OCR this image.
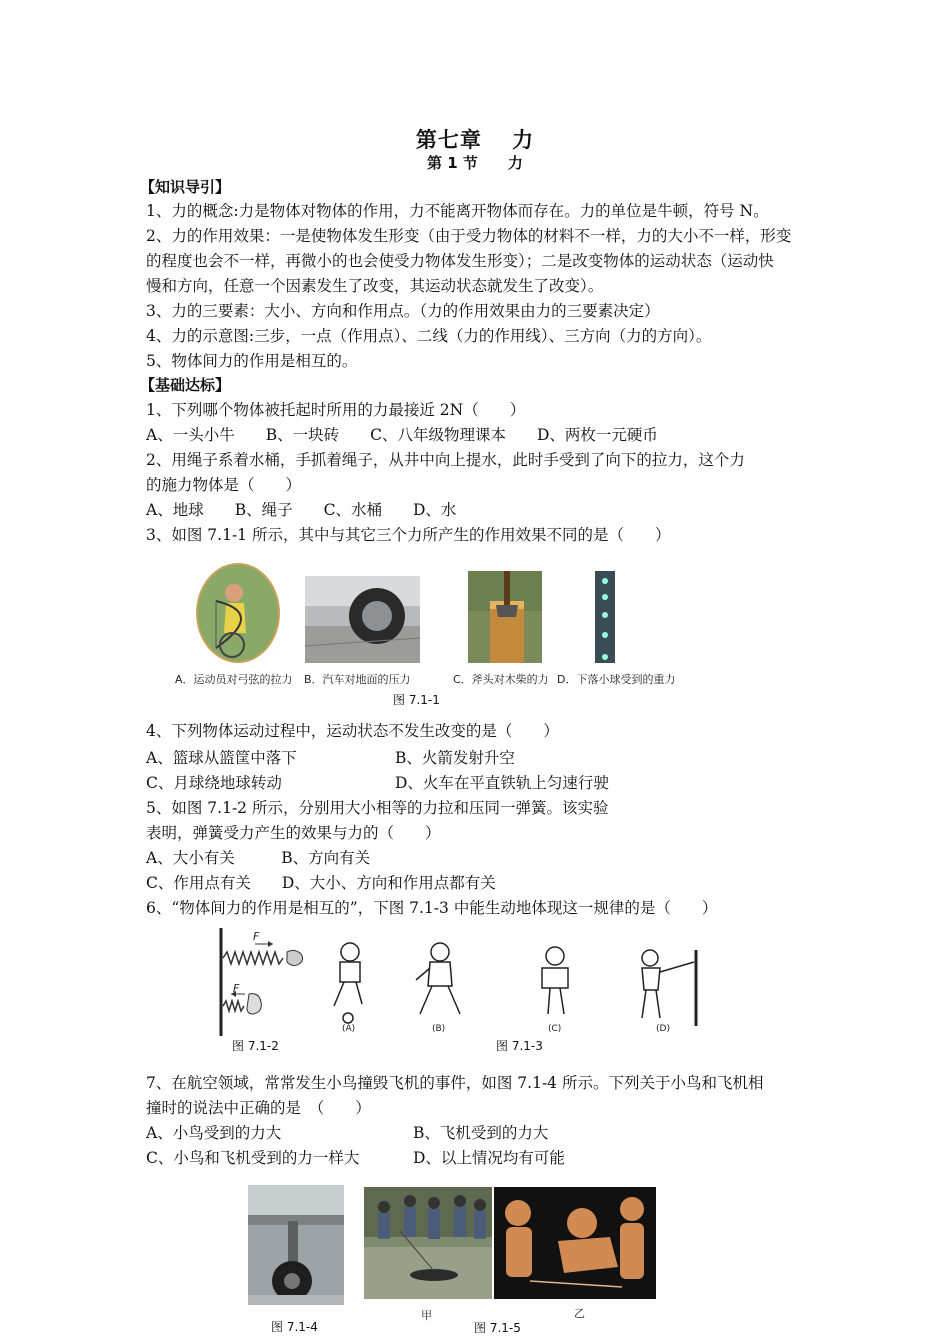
第七章　 力
第 1 节　　力
【知识导引】
1、力的概念:力是物体对物体的作用，力不能离开物体而存在。力的单位是牛顿，符号 N。
2、力的作用效果：一是使物体发生形变（由于受力物体的材料不一样，力的大小不一样，形变
的程度也会不一样，再微小的也会使受力物体发生形变）；二是改变物体的运动状态（运动快
慢和方向，任意一个因素发生了改变，其运动状态就发生了改变）。
3、力的三要素：大小、方向和作用点。（力的作用效果由力的三要素决定）
4、力的示意图:三步，一点（作用点）、二线（力的作用线）、三方向（力的方向）。
5、物体间力的作用是相互的。
【基础达标】
1、下列哪个物体被托起时所用的力最接近 2N（　　）
A、一头小牛　　B、一块砖　　C、八年级物理课本　　D、两枚一元硬币
2、用绳子系着水桶，手抓着绳子，从井中向上提水，此时手受到了向下的拉力，这个力
的施力物体是（　　）
A、地球　　B、绳子　　C、水桶　　D、水
3、如图 7.1-1 所示，其中与其它三个力所产生的作用效果不同的是（　　）
A．运动员对弓弦的拉力 B．汽车对地面的压力	C．斧头对木柴的力 D．下落小球受到的重力
图 7.1-1
4、下列物体运动过程中，运动状态不发生改变的是（　　）
A、篮球从篮筐中落下	B、火箭发射升空
C、月球绕地球转动	D、火车在平直铁轨上匀速行驶
5、如图 7.1-2 所示，分别用大小相等的力拉和压同一弹簧。该实验
表明，弹簧受力产生的效果与力的（　　）
A、大小有关　　　B、方向有关
C、作用点有关　　D、大小、方向和作用点都有关
6、“物体间力的作用是相互的”，下图 7.1-3 中能生动地体现这一规律的是（　　）
F
F
(A)	(B)	(C)	(D)
图 7.1-2	图 7.1-3
7、在航空领域，常常发生小鸟撞毁飞机的事件，如图 7.1-4 所示。下列关于小鸟和飞机相
撞时的说法中正确的是　（　　）
A、小鸟受到的力大	B、飞机受到的力大
C、小鸟和飞机受到的力一样大	D、以上情况均有可能
甲	乙
图 7.1-4	图 7.1-5
